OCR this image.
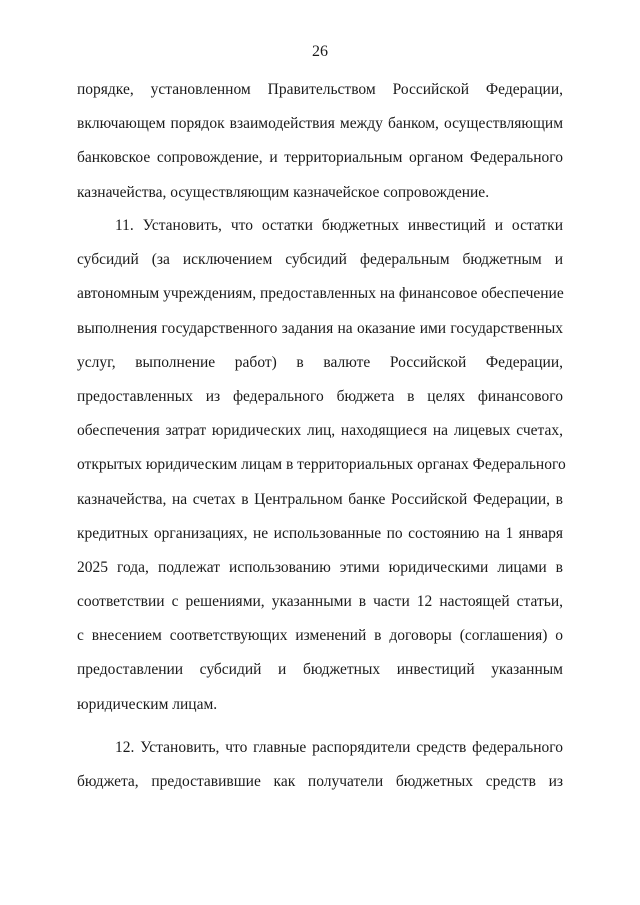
26
порядке, установленном Правительством Российской Федерации,
включающем порядок взаимодействия между банком, осуществляющим
банковское сопровождение, и территориальным органом Федерального
казначейства, осуществляющим казначейское сопровождение.
11. Установить, что остатки бюджетных инвестиций и остатки
субсидий (за исключением субсидий федеральным бюджетным и
автономным учреждениям, предоставленных на финансовое обеспечение
выполнения государственного задания на оказание ими государственных
услуг, выполнение работ) в валюте Российской Федерации,
предоставленных из федерального бюджета в целях финансового
обеспечения затрат юридических лиц, находящиеся на лицевых счетах,
открытых юридическим лицам в территориальных органах Федерального
казначейства, на счетах в Центральном банке Российской Федерации, в
кредитных организациях, не использованные по состоянию на 1 января
2025 года, подлежат использованию этими юридическими лицами в
соответствии с решениями, указанными в части 12 настоящей статьи,
с внесением соответствующих изменений в договоры (соглашения) о
предоставлении субсидий и бюджетных инвестиций указанным
юридическим лицам.
12. Установить, что главные распорядители средств федерального
бюджета, предоставившие как получатели бюджетных средств из
